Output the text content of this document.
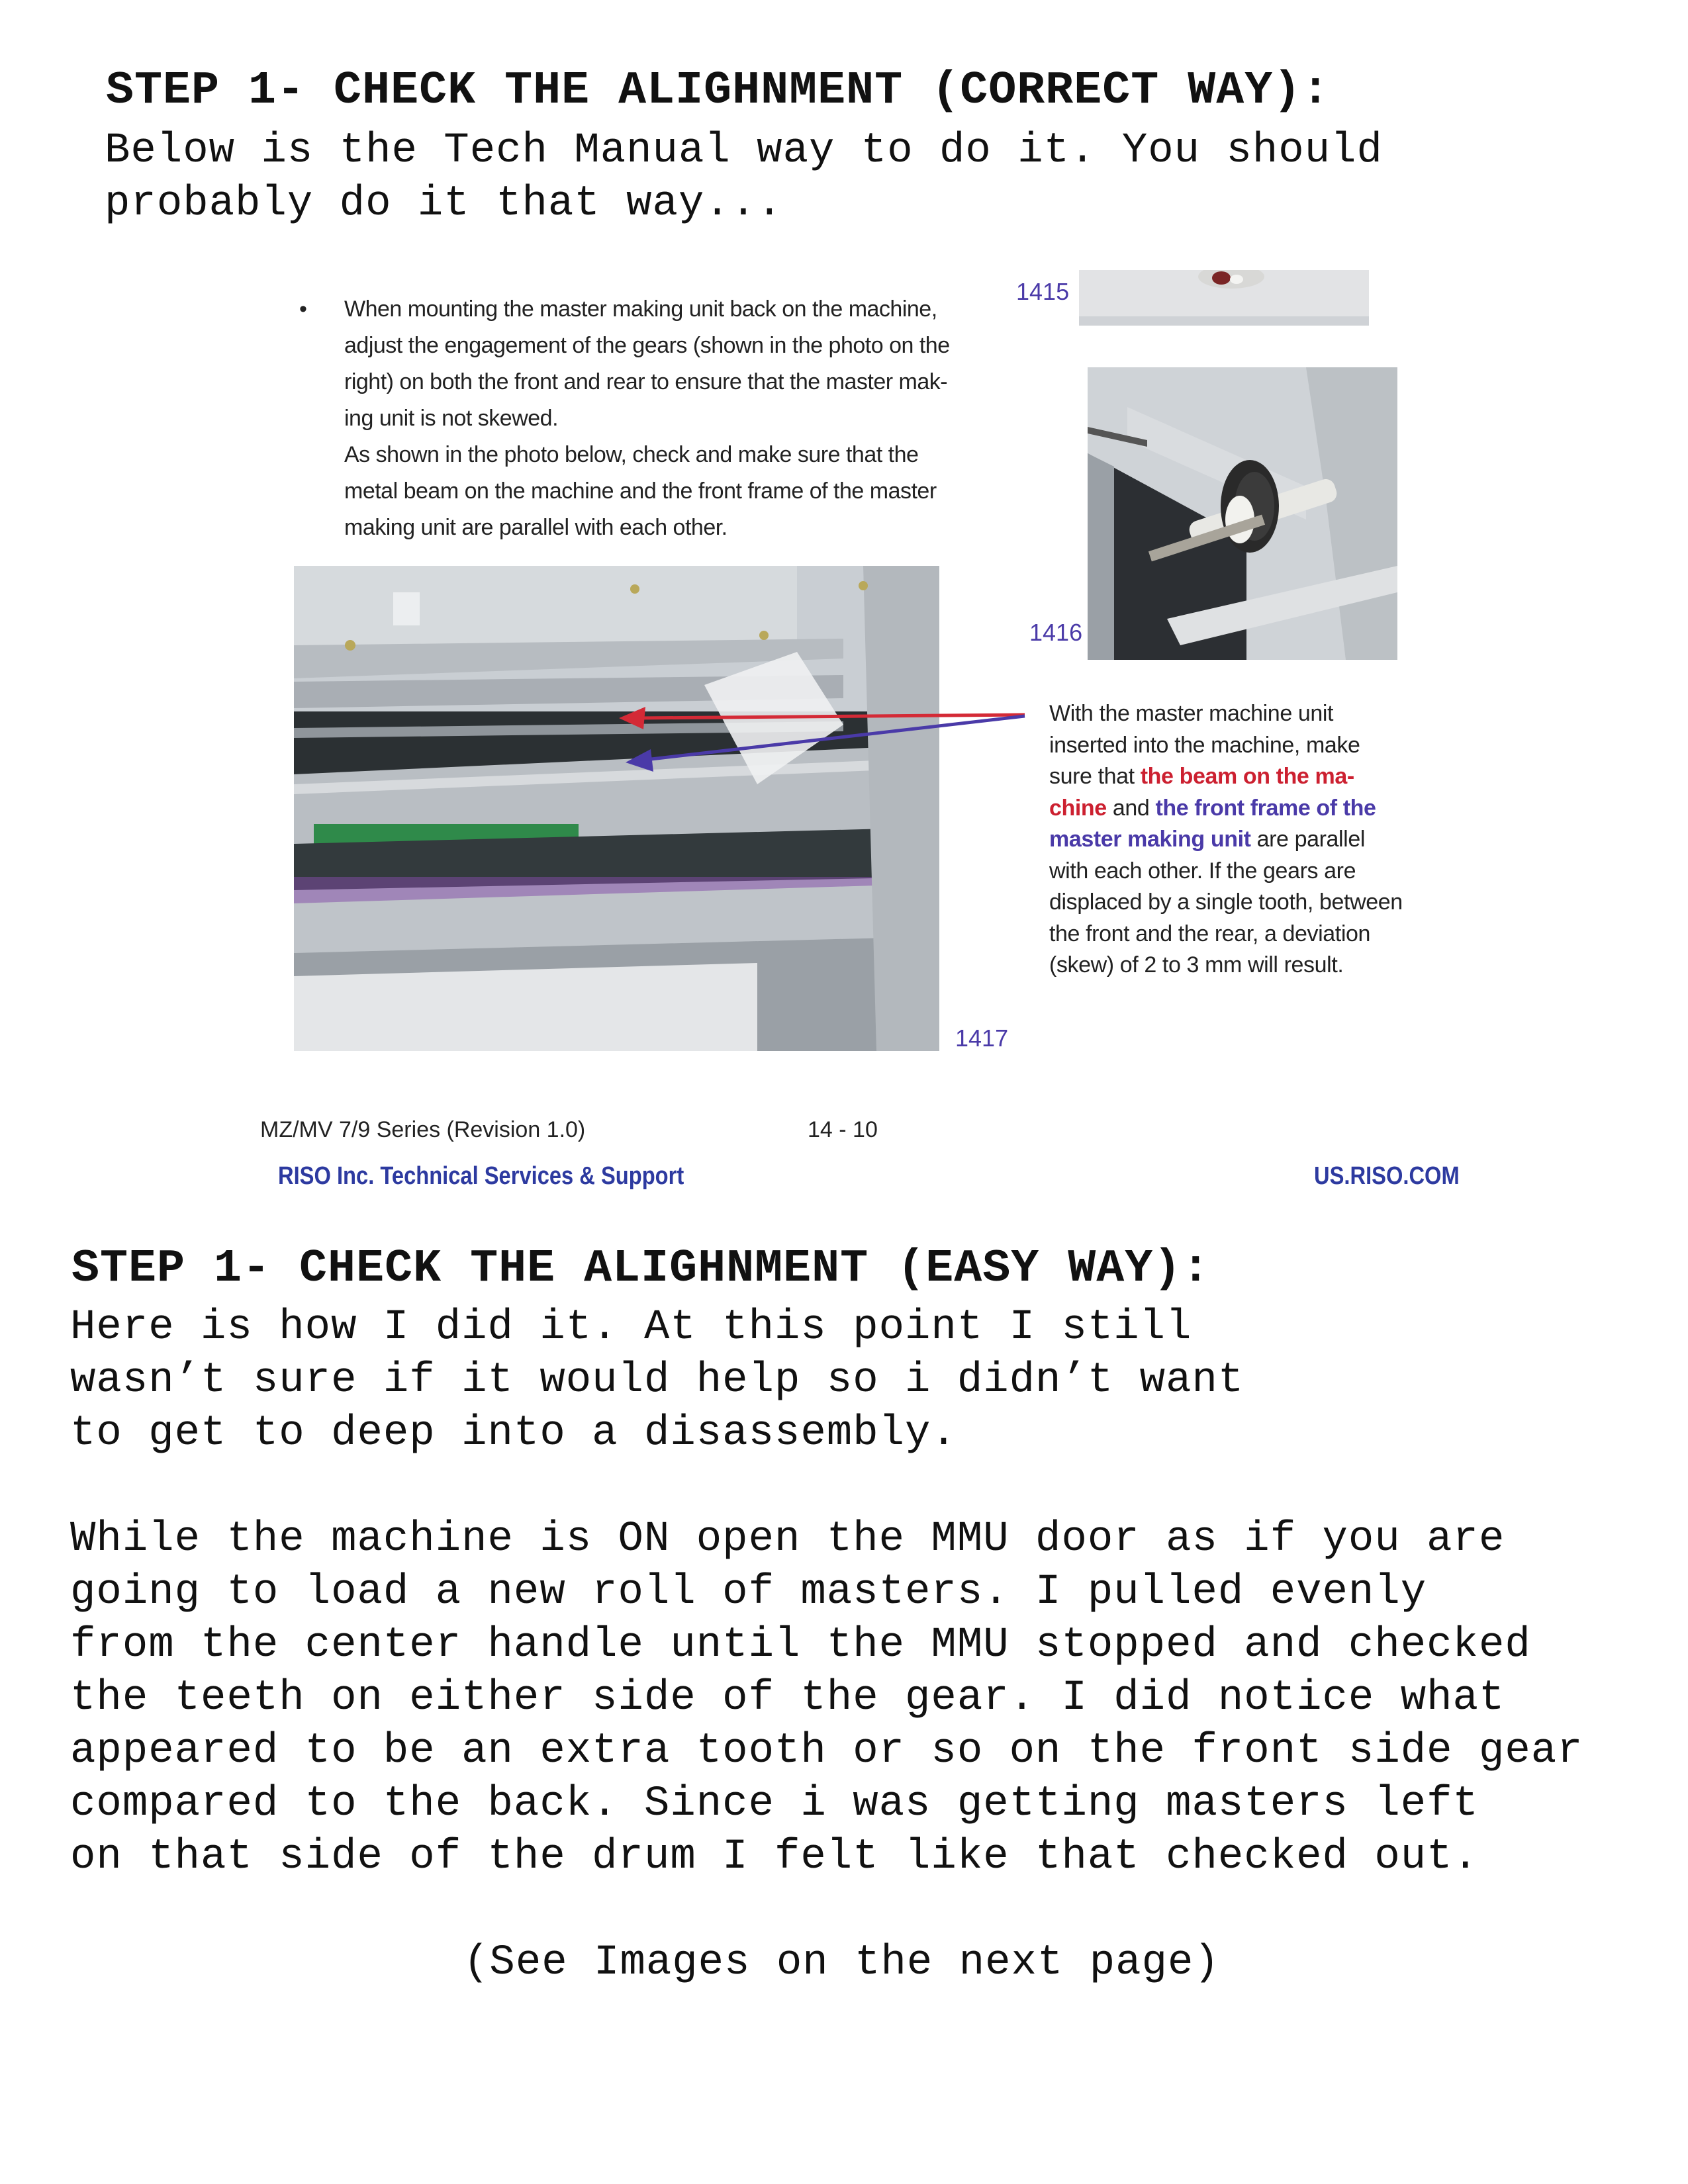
STEP 1- CHECK THE ALIGHNMENT (CORRECT WAY):

Below is the Tech Manual way to do it. You should

probably do it that way...

• When mounting the master making unit back on the machine,
adjust the engagement of the gears (shown in the photo on the
right) on both the front and rear to ensure that the master mak-
ing unit is not skewed.
As shown in the photo below, check and make sure that the
metal beam on the machine and the front frame of the master
making unit are parallel with each other.
1415
1416
1417
With the master machine unit inserted into the machine, make sure that the beam on the ma-chine and the front frame of the master making unit are parallel with each other. If the gears are displaced by a single tooth, between the front and the rear, a deviation (skew) of 2 to 3 mm will result.
MZ/MV 7/9 Series (Revision 1.0)	14 - 10
RISO Inc. Technical Services & Support	US.RISO.COM
STEP 1- CHECK THE ALIGHNMENT (EASY WAY):

Here is how I did it. At this point I still

wasn’t sure if it would help so i didn’t want

to get to deep into a disassembly.

While the machine is ON open the MMU door as if you are

going to load a new roll of masters. I pulled evenly

from the center handle until the MMU stopped and checked

the teeth on either side of the gear. I did notice what

appeared to be an extra tooth or so on the front side gear

compared to the back. Since i was getting masters left

on that side of the drum I felt like that checked out.

(See Images on the next page)
